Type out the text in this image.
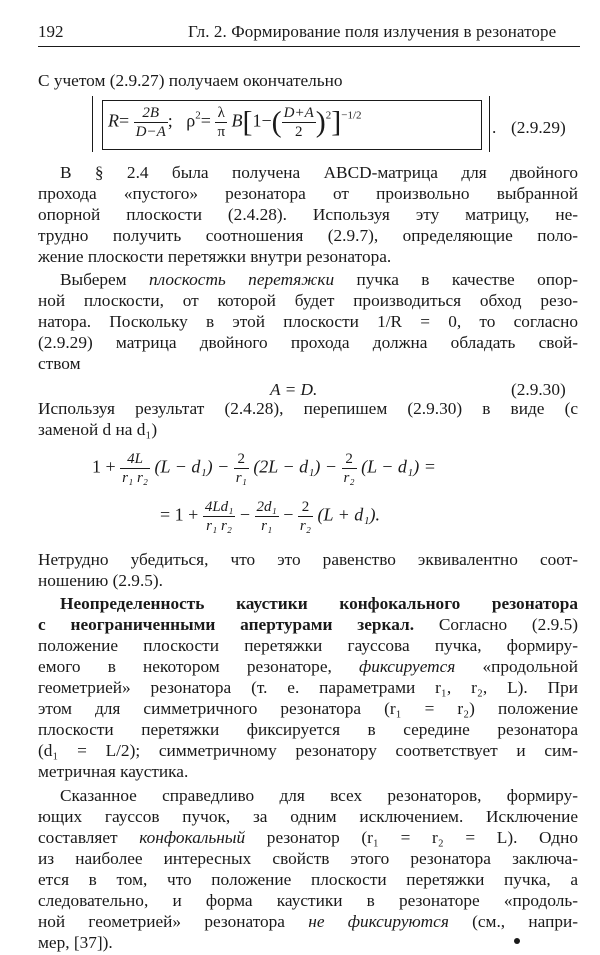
192	Гл. 2. Формирование поля излучения в резонаторе
С учетом (2.9.27) получаем окончательно
$R= \frac{2B}{D-A}$ ; $\rho^2= \frac{\lambda}{\pi} B[1-( \frac{D+A}{2} )^2]^{-1/2}$
. (2.9.29)
В § 2.4 была получена ABCD-матрица для двойного
прохода «пустого» резонатора от произвольно выбранной
опорной плоскости (2.4.28). Используя эту матрицу, не-
трудно получить соотношения (2.9.7), определяющие поло-
жение плоскости перетяжки внутри резонатора.
Выберем плоскость перетяжки пучка в качестве опор-
ной плоскости, от которой будет производиться обход резо-
натора. Поскольку в этой плоскости 1/R = 0, то согласно
(2.9.29) матрица двойного прохода должна обладать свой-
ством
A = D.	(2.9.30)
Используя результат (2.4.28), перепишем (2.9.30) в виде (с
заменой d на d₁)
$1 + \frac{4L}{\text{r₁ r₂}} (L - d_1) - \frac{2}{\text{r₁}} (2L - d_1) - \frac{2}{\text{r₂}} (L - d_1)$ =
= $1 + \frac{\text{4Ld₁}}{\text{r₁ r₂}} - \frac{\text{2d₁}}{\text{r₁}} - \frac{2}{\text{r₂}} (L + d_1)$.
Нетрудно убедиться, что это равенство эквивалентно соот-
ношению (2.9.5).
Неопределенность каустики конфокального резонатора
с неограниченными апертурами зеркал. Согласно (2.9.5)
положение плоскости перетяжки гауссова пучка, формиру-
емого в некотором резонаторе, фиксируется «продольной
геометрией» резонатора (т. е. параметрами r₁, r₂, L). При
этом для симметричного резонатора (r₁ = r₂) положение
плоскости перетяжки фиксируется в середине резонатора
(d₁ = L/2); симметричному резонатору соответствует и сим-
метричная каустика.
Сказанное справедливо для всех резонаторов, формиру-
ющих гауссов пучок, за одним исключением. Исключение
составляет конфокальный резонатор (r₁ = r₂ = L). Одно
из наиболее интересных свойств этого резонатора заключа-
ется в том, что положение плоскости перетяжки пучка, а
следовательно, и форма каустики в резонаторе «продоль-
ной геометрией» резонатора не фиксируются (см., напри-
мер, [37]).
